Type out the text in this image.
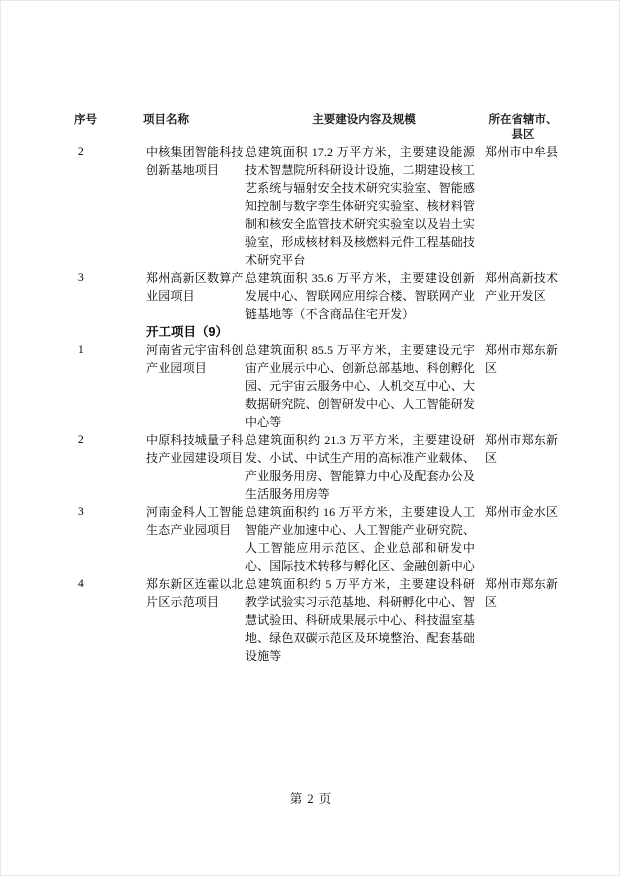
序号	项目名称	主要建设内容及规模	所在省辖市、
县区

2	中核集团智能科技创新基地项目	总建筑面积 17.2 万平方米，主要建设能源技术智慧院所科研设计设施，二期建设核工艺系统与辐射安全技术研究实验室、智能感知控制与数字孪生体研究实验室、核材料管制和核安全监管技术研究实验室以及岩土实验室，形成核材料及核燃料元件工程基础技术研究平台	郑州市中牟县
3	郑州高新区数算产业园项目	总建筑面积 35.6 万平方米，主要建设创新发展中心、智联网应用综合楼、智联网产业链基地等（不含商品住宅开发）	郑州高新技术产业开发区
	开工项目（9）		
1	河南省元宇宙科创产业园项目	总建筑面积 85.5 万平方米，主要建设元宇宙产业展示中心、创新总部基地、科创孵化园、元宇宙云服务中心、人机交互中心、大数据研究院、创智研发中心、人工智能研发中心等	郑州市郑东新区
2	中原科技城量子科技产业园建设项目	总建筑面积约 21.3 万平方米，主要建设研发、小试、中试生产用的高标准产业载体、产业服务用房、智能算力中心及配套办公及生活服务用房等	郑州市郑东新区
3	河南金科人工智能生态产业园项目	总建筑面积约 16 万平方米，主要建设人工智能产业加速中心、人工智能产业研究院、人工智能应用示范区、企业总部和研发中心、国际技术转移与孵化区、金融创新中心	郑州市金水区
4	郑东新区连霍以北片区示范项目	总建筑面积约 5 万平方米，主要建设科研教学试验实习示范基地、科研孵化中心、智慧试验田、科研成果展示中心、科技温室基地、绿色双碳示范区及环境整治、配套基础设施等	郑州市郑东新区
第 2 页
